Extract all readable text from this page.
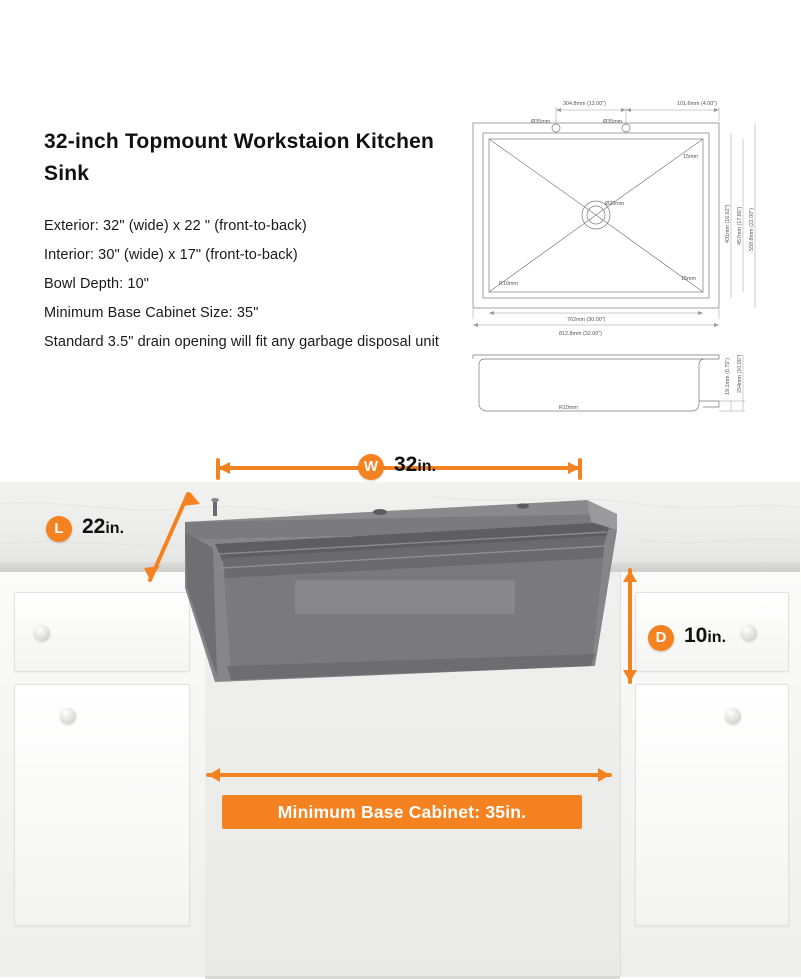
32-inch Topmount Workstaion Kitchen Sink
Exterior: 32" (wide) x 22 " (front-to-back)
Interior: 30" (wide) x 17" (front-to-back)
Bowl Depth: 10"
Minimum Base Cabinet Size: 35"
Standard 3.5" drain opening will fit any garbage disposal unit
304.8mm (12.00")	101.6mm (4.00")
Ø35mm	Ø35mm
Ø20mm
R10mm
15mm
15mm
762mm (30.00")
812.8mm (32.00")
431mm (16.62") 457mm (17.80") 558.8mm (22.00")
R10mm
19.1mm (0.75") 254mm (10.00")
W 32in.
L 22in.
D 10in.
Minimum Base Cabinet: 35in.
